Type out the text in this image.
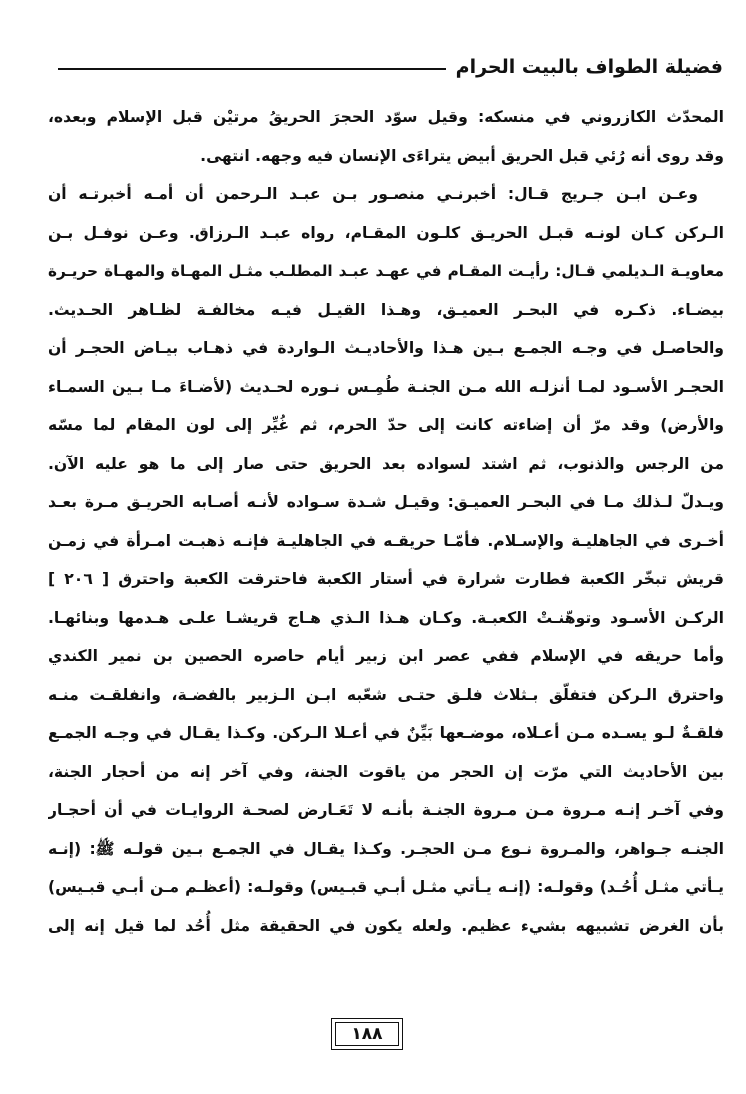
فضيلة الطواف بالبيت الحرام
المحدّث الكازروني في منسكه: وقيل سوّد الحجرَ الحريقُ مرتيْن قبل الإسلام وبعده،
وقد روى أنه رُئي قبل الحريق أبيض يتراءَى الإنسان فيه وجهه. انتهى.
وعـن ابـن جـريج قـال: أخبرنـي منصـور بـن عبـد الـرحمن أن أمـه أخبرتـه أن
الـركن كـان لونـه قبـل الحريـق كلـون المقـام، رواه عبـد الـرزاق. وعـن نوفـل بـن
معاويـة الـديلمي قـال: رأيـت المقـام في عهـد عبـد المطلـب مثـل المهـاة والمهـاة حريـرة
بيضـاء. ذكـره في البحـر العميـق، وهـذا القيـل فيـه مخالفـة لظـاهر الحـديث.
والحاصـل في وجـه الجمـع بـين هـذا والأحاديـث الـواردة في ذهـاب بيـاض الحجـر أن
الحجـر الأسـود لمـا أنزلـه الله مـن الجنـة طُمِـس نـوره لحـديث (لأضـاءَ مـا بـين السمـاء
والأرض) وقد مرّ أن إضاءته كانت إلى حدّ الحرم، ثم غُيِّر إلى لون المقام لما مسّه
من الرجس والذنوب، ثم اشتد لسواده بعد الحريق حتى صار إلى ما هو عليه الآن.
ويـدلّ لـذلك مـا في البحـر العميـق: وقيـل شـدة سـواده لأنـه أصـابه الحريـق مـرة بعـد
أخـرى في الجاهليـة والإسـلام. فأمّـا حريقـه في الجاهليـة فإنـه ذهبـت امـرأة في زمـن
قريش تبخّر الكعبة فطارت شرارة في أستار الكعبة فاحترقت الكعبة واحترق [ ٢٠٦ ]
الركـن الأسـود وتوهّنـتْ الكعبـة. وكـان هـذا الـذي هـاج قريشـا علـى هـدمها وبنائهـا.
وأما حريقه في الإسلام ففي عصر ابن زبير أيام حاصره الحصين بن نمير الكندي
واحترق الـركن فتفلّق بـثلاث فلـق حتـى شعّبه ابـن الـزبير بالفضـة، وانفلقـت منـه
فلقـةٌ لـو يسـده مـن أعـلاه، موضـعها بَيِّنٌ في أعـلا الـركن. وكـذا يقـال في وجـه الجمـع
بين الأحاديث التي مرّت إن الحجر من ياقوت الجنة، وفي آخر إنه من أحجار الجنة،
وفي آخـر إنـه مـروة مـن مـروة الجنـة بأنـه لا تَعَـارض لصحـة الروايـات في أن أحجـار
الجنـه جـواهر، والمـروة نـوع مـن الحجـر. وكـذا يقـال في الجمـع بـين قولـه ﷺ: (إنـه
يـأتي مثـل أُحُـد) وقولـه: (إنـه يـأتي مثـل أبـي قبـيس) وقولـه: (أعظـم مـن أبـي قبـيس)
بأن الغرض تشبيهه بشيء عظيم. ولعله يكون في الحقيقة مثل أُحُد لما قيل إنه إلى
١٨٨
